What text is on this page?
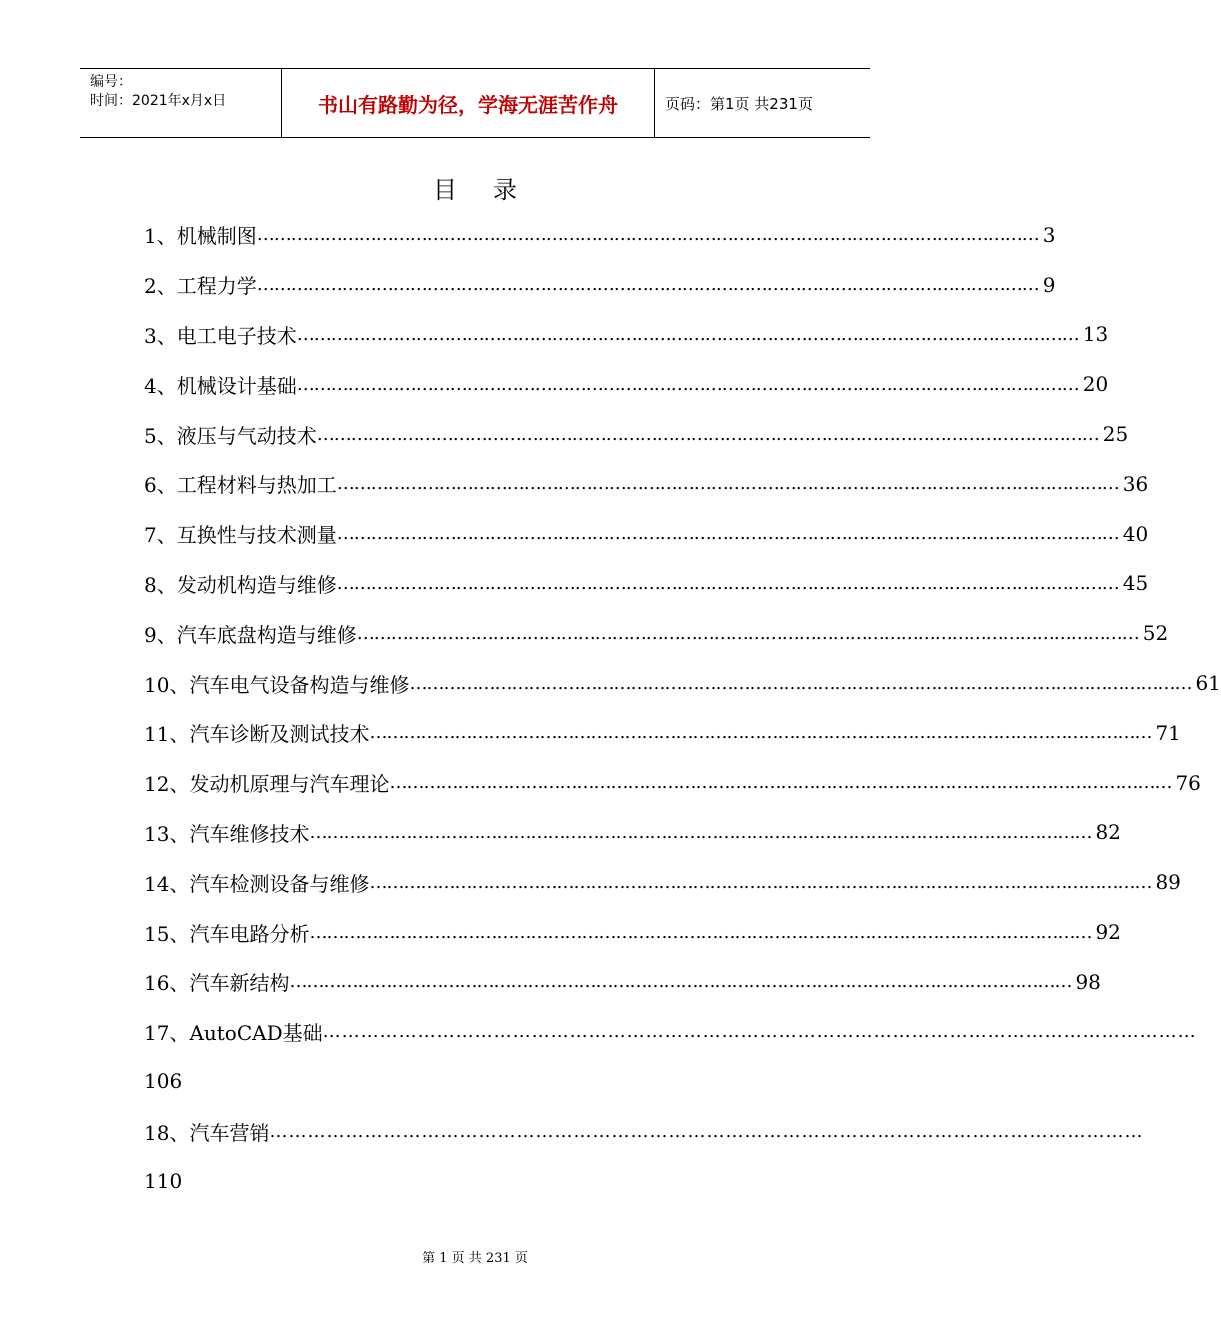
编号：
时间：2021年x月x日	书山有路勤为径，学海无涯苦作舟	页码：第1页 共231页
目录
1、机械制图 ………………………………………………………………………………………………………………………… 3
2、工程力学 ………………………………………………………………………………………………………………………… 9
3、电工电子技术 ………………………………………………………………………………………………………………………… 13
4、机械设计基础 ………………………………………………………………………………………………………………………… 20
5、液压与气动技术 ………………………………………………………………………………………………………………………… 25
6、工程材料与热加工 ………………………………………………………………………………………………………………………… 36
7、互换性与技术测量 ………………………………………………………………………………………………………………………… 40
8、发动机构造与维修 ………………………………………………………………………………………………………………………… 45
9、汽车底盘构造与维修 ………………………………………………………………………………………………………………………… 52
10、汽车电气设备构造与维修 ………………………………………………………………………………………………………………………… 61
11、汽车诊断及测试技术 ………………………………………………………………………………………………………………………… 71
12、发动机原理与汽车理论 ………………………………………………………………………………………………………………………… 76
13、汽车维修技术 ………………………………………………………………………………………………………………………… 82
14、汽车检测设备与维修 ………………………………………………………………………………………………………………………… 89
15、汽车电路分析 ………………………………………………………………………………………………………………………… 92
16、汽车新结构 ………………………………………………………………………………………………………………………… 98
17、AutoCAD基础 …………………………………………………………………………………………………………………………
106
18、汽车营销 …………………………………………………………………………………………………………………………
110
第 1 页 共 231 页
